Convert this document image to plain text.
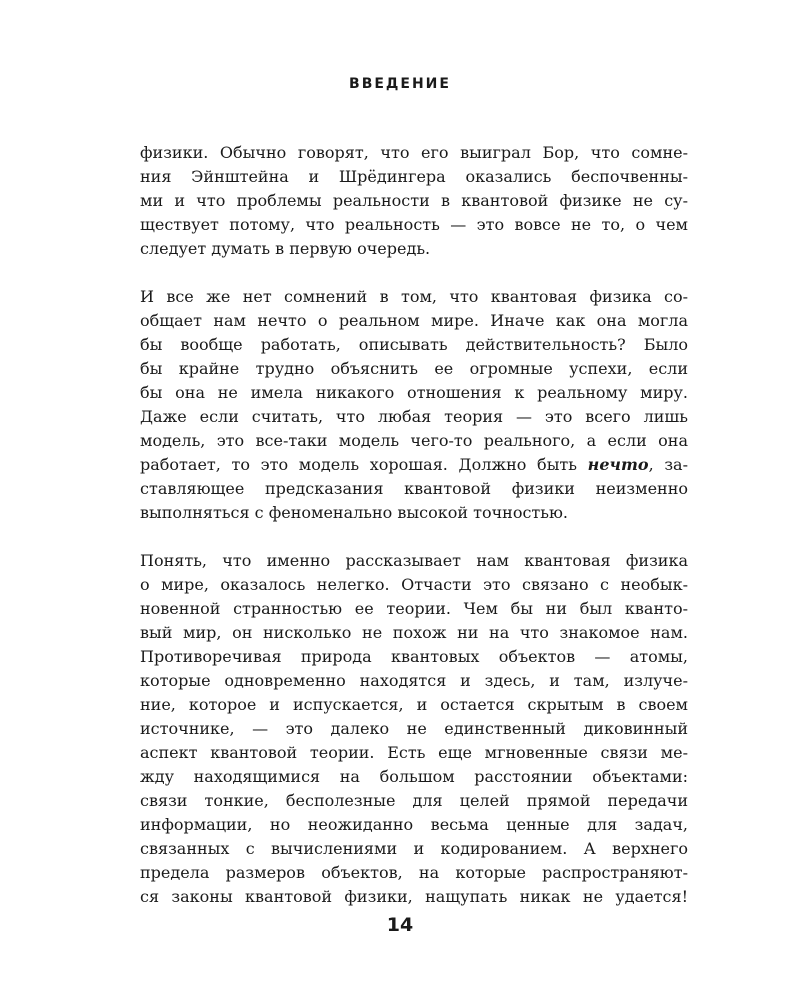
ВВЕДЕНИЕ

физики. Обычно говорят, что его выиграл Бор, что сомне-
ния Эйнштейна и Шрёдингера оказались беспочвенны-
ми и что проблемы реальности в квантовой физике не су-
ществует потому, что реальность — это вовсе не то, о чем
следует думать в первую очередь.

И все же нет сомнений в том, что квантовая физика со-
общает нам нечто о реальном мире. Иначе как она могла
бы вообще работать, описывать действительность? Было
бы крайне трудно объяснить ее огромные успехи, если
бы она не имела никакого отношения к реальному миру.
Даже если считать, что любая теория — это всего лишь
модель, это все-таки модель чего-то реального, а если она
работает, то это модель хорошая. Должно быть нечто, за-
ставляющее предсказания квантовой физики неизменно
выполняться с феноменально высокой точностью.

Понять, что именно рассказывает нам квантовая физика
о мире, оказалось нелегко. Отчасти это связано с необык-
новенной странностью ее теории. Чем бы ни был кванто-
вый мир, он нисколько не похож ни на что знакомое нам.
Противоречивая природа квантовых объектов — атомы,
которые одновременно находятся и здесь, и там, излуче-
ние, которое и испускается, и остается скрытым в своем
источнике, — это далеко не единственный диковинный
аспект квантовой теории. Есть еще мгновенные связи ме-
жду находящимися на большом расстоянии объектами:
связи тонкие, бесполезные для целей прямой передачи
информации, но неожиданно весьма ценные для задач,
связанных с вычислениями и кодированием. А верхнего
предела размеров объектов, на которые распространяют-
ся законы квантовой физики, нащупать никак не удается!

14
